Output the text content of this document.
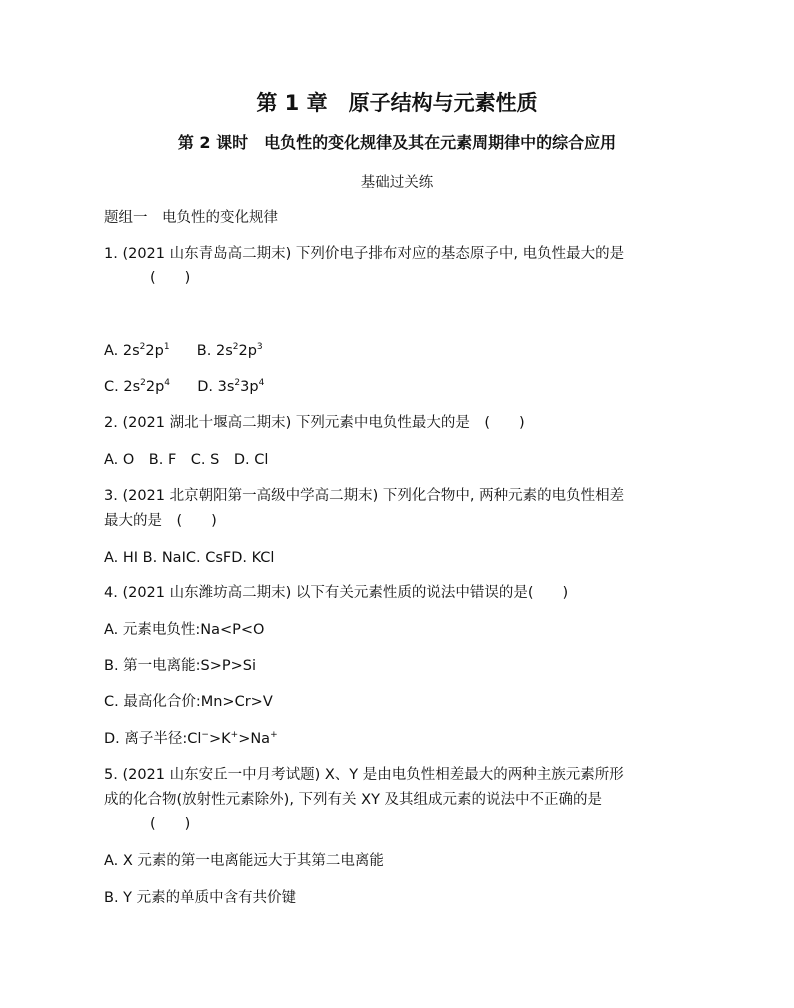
第 1 章　原子结构与元素性质
第 2 课时　电负性的变化规律及其在元素周期律中的综合应用
基础过关练
题组一　电负性的变化规律
1. (2021 山东青岛高二期末) 下列价电子排布对应的基态原子中, 电负性最大的是
(　　)
A. $2s^22p^1$ B. $2s^22p^3$
C. $2s^22p^4$ D. $3s^23p^4$
2. (2021 湖北十堰高二期末) 下列元素中电负性最大的是　(　　)
A. O　B. F　C. S　D. Cl
3. (2021 北京朝阳第一高级中学高二期末) 下列化合物中, 两种元素的电负性相差
最大的是　(　　)
A. HI B. NaIC. CsFD. KCl
4. (2021 山东潍坊高二期末) 以下有关元素性质的说法中错误的是(　　)
A. 元素电负性:Na<P<O
B. 第一电离能:S>P>Si
C. 最高化合价:Mn>Cr>V
D. 离子半径:Cl−>K+>Na+
5. (2021 山东安丘一中月考试题) X、Y 是由电负性相差最大的两种主族元素所形
成的化合物(放射性元素除外), 下列有关 XY 及其组成元素的说法中不正确的是
(　　)
A. X 元素的第一电离能远大于其第二电离能
B. Y 元素的单质中含有共价键
